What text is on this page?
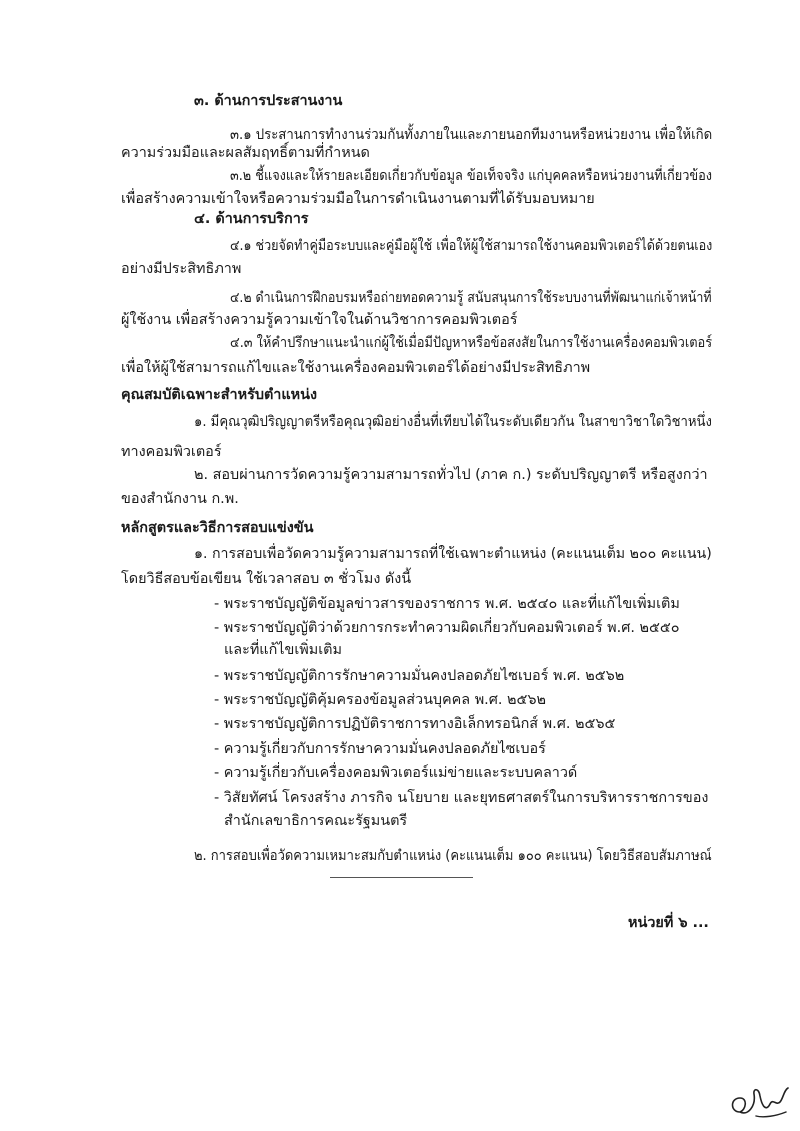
๓. ด้านการประสานงาน
๓.๑ ประสานการทำงานร่วมกันทั้งภายในและภายนอกทีมงานหรือหน่วยงาน เพื่อให้เกิด
ความร่วมมือและผลสัมฤทธิ์ตามที่กำหนด
๓.๒ ชี้แจงและให้รายละเอียดเกี่ยวกับข้อมูล ข้อเท็จจริง แก่บุคคลหรือหน่วยงานที่เกี่ยวข้อง
เพื่อสร้างความเข้าใจหรือความร่วมมือในการดำเนินงานตามที่ได้รับมอบหมาย
๔. ด้านการบริการ
๔.๑ ช่วยจัดทำคู่มือระบบและคู่มือผู้ใช้ เพื่อให้ผู้ใช้สามารถใช้งานคอมพิวเตอร์ได้ด้วยตนเอง
อย่างมีประสิทธิภาพ
๔.๒ ดำเนินการฝึกอบรมหรือถ่ายทอดความรู้ สนับสนุนการใช้ระบบงานที่พัฒนาแก่เจ้าหน้าที่
ผู้ใช้งาน เพื่อสร้างความรู้ความเข้าใจในด้านวิชาการคอมพิวเตอร์
๔.๓ ให้คำปรึกษาแนะนำแก่ผู้ใช้เมื่อมีปัญหาหรือข้อสงสัยในการใช้งานเครื่องคอมพิวเตอร์
เพื่อให้ผู้ใช้สามารถแก้ไขและใช้งานเครื่องคอมพิวเตอร์ได้อย่างมีประสิทธิภาพ
คุณสมบัติเฉพาะสำหรับตำแหน่ง
๑. มีคุณวุฒิปริญญาตรีหรือคุณวุฒิอย่างอื่นที่เทียบได้ในระดับเดียวกัน ในสาขาวิชาใดวิชาหนึ่ง
ทางคอมพิวเตอร์
๒. สอบผ่านการวัดความรู้ความสามารถทั่วไป (ภาค ก.) ระดับปริญญาตรี หรือสูงกว่า
ของสำนักงาน ก.พ.
หลักสูตรและวิธีการสอบแข่งขัน
๑. การสอบเพื่อวัดความรู้ความสามารถที่ใช้เฉพาะตำแหน่ง (คะแนนเต็ม ๒๐๐ คะแนน)
โดยวิธีสอบข้อเขียน ใช้เวลาสอบ ๓ ชั่วโมง ดังนี้
- พระราชบัญญัติข้อมูลข่าวสารของราชการ พ.ศ. ๒๕๔๐ และที่แก้ไขเพิ่มเติม
- พระราชบัญญัติว่าด้วยการกระทำความผิดเกี่ยวกับคอมพิวเตอร์ พ.ศ. ๒๕๕๐
และที่แก้ไขเพิ่มเติม
- พระราชบัญญัติการรักษาความมั่นคงปลอดภัยไซเบอร์ พ.ศ. ๒๕๖๒
- พระราชบัญญัติคุ้มครองข้อมูลส่วนบุคคล พ.ศ. ๒๕๖๒
- พระราชบัญญัติการปฏิบัติราชการทางอิเล็กทรอนิกส์ พ.ศ. ๒๕๖๕
- ความรู้เกี่ยวกับการรักษาความมั่นคงปลอดภัยไซเบอร์
- ความรู้เกี่ยวกับเครื่องคอมพิวเตอร์แม่ข่ายและระบบคลาวด์
- วิสัยทัศน์ โครงสร้าง ภารกิจ นโยบาย และยุทธศาสตร์ในการบริหารราชการของ
สำนักเลขาธิการคณะรัฐมนตรี
๒. การสอบเพื่อวัดความเหมาะสมกับตำแหน่ง (คะแนนเต็ม ๑๐๐ คะแนน) โดยวิธีสอบสัมภาษณ์
หน่วยที่ ๖ ...
